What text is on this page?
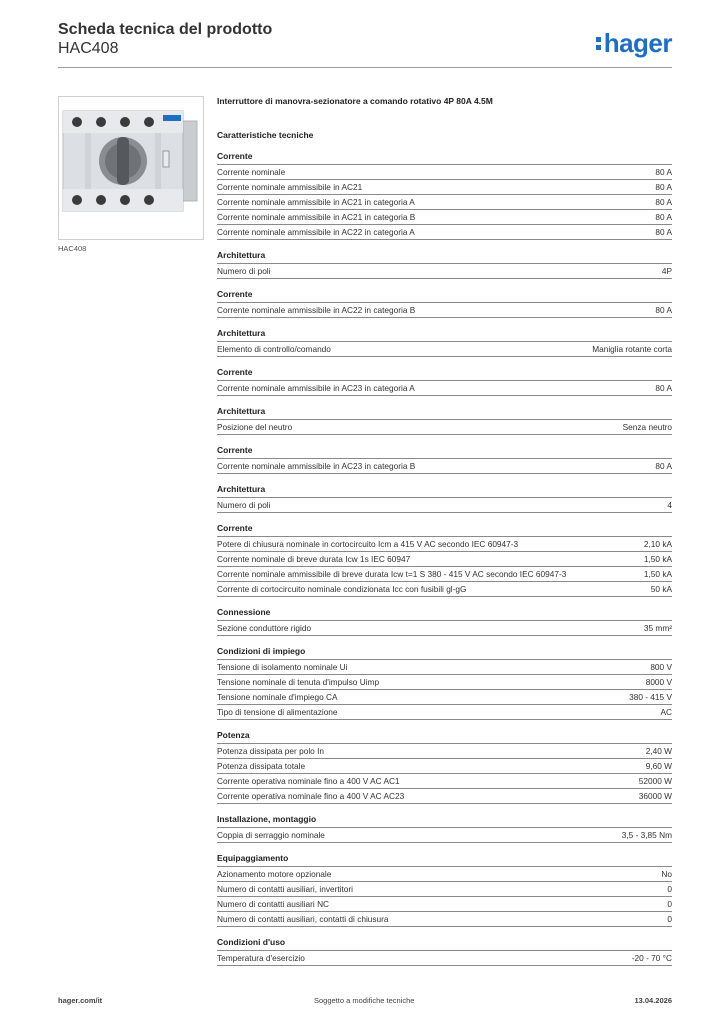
Scheda tecnica del prodotto
HAC408	hager
HAC408
Interruttore di manovra-sezionatore a comando rotativo 4P 80A 4.5M
Caratteristiche tecniche
Corrente
Corrente nominale	80 A
Corrente nominale ammissibile in AC21	80 A
Corrente nominale ammissibile in AC21 in categoria A	80 A
Corrente nominale ammissibile in AC21 in categoria B	80 A
Corrente nominale ammissibile in AC22 in categoria A	80 A
Architettura
Numero di poli	4P
Corrente
Corrente nominale ammissibile in AC22 in categoria B	80 A
Architettura
Elemento di controllo/comando	Maniglia rotante corta
Corrente
Corrente nominale ammissibile in AC23 in categoria A	80 A
Architettura
Posizione del neutro	Senza neutro
Corrente
Corrente nominale ammissibile in AC23 in categoria B	80 A
Architettura
Numero di poli	4
Corrente
Potere di chiusura nominale in cortocircuito Icm a 415 V AC secondo IEC 60947-3	2,10 kA
Corrente nominale di breve durata Icw 1s IEC 60947	1,50 kA
Corrente nominale ammissibile di breve durata Icw t=1 S 380 - 415 V AC secondo IEC 60947-3	1,50 kA
Corrente di cortocircuito nominale condizionata Icc con fusibili gl-gG	50 kA
Connessione
Sezione conduttore rigido	35 mm²
Condizioni di impiego
Tensione di isolamento nominale Ui	800 V
Tensione nominale di tenuta d'impulso Uimp	8000 V
Tensione nominale d'impiego CA	380 - 415 V
Tipo di tensione di alimentazione	AC
Potenza
Potenza dissipata per polo In	2,40 W
Potenza dissipata totale	9,60 W
Corrente operativa nominale fino a 400 V AC AC1	52000 W
Corrente operativa nominale fino a 400 V AC AC23	36000 W
Installazione, montaggio
Coppia di serraggio nominale	3,5 - 3,85 Nm
Equipaggiamento
Azionamento motore opzionale	No
Numero di contatti ausiliari, invertitori	0
Numero di contatti ausiliari NC	0
Numero di contatti ausiliari, contatti di chiusura	0
Condizioni d'uso
Temperatura d'esercizio	-20 - 70 °C
hager.com/it	Soggetto a modifiche tecniche	13.04.2026
